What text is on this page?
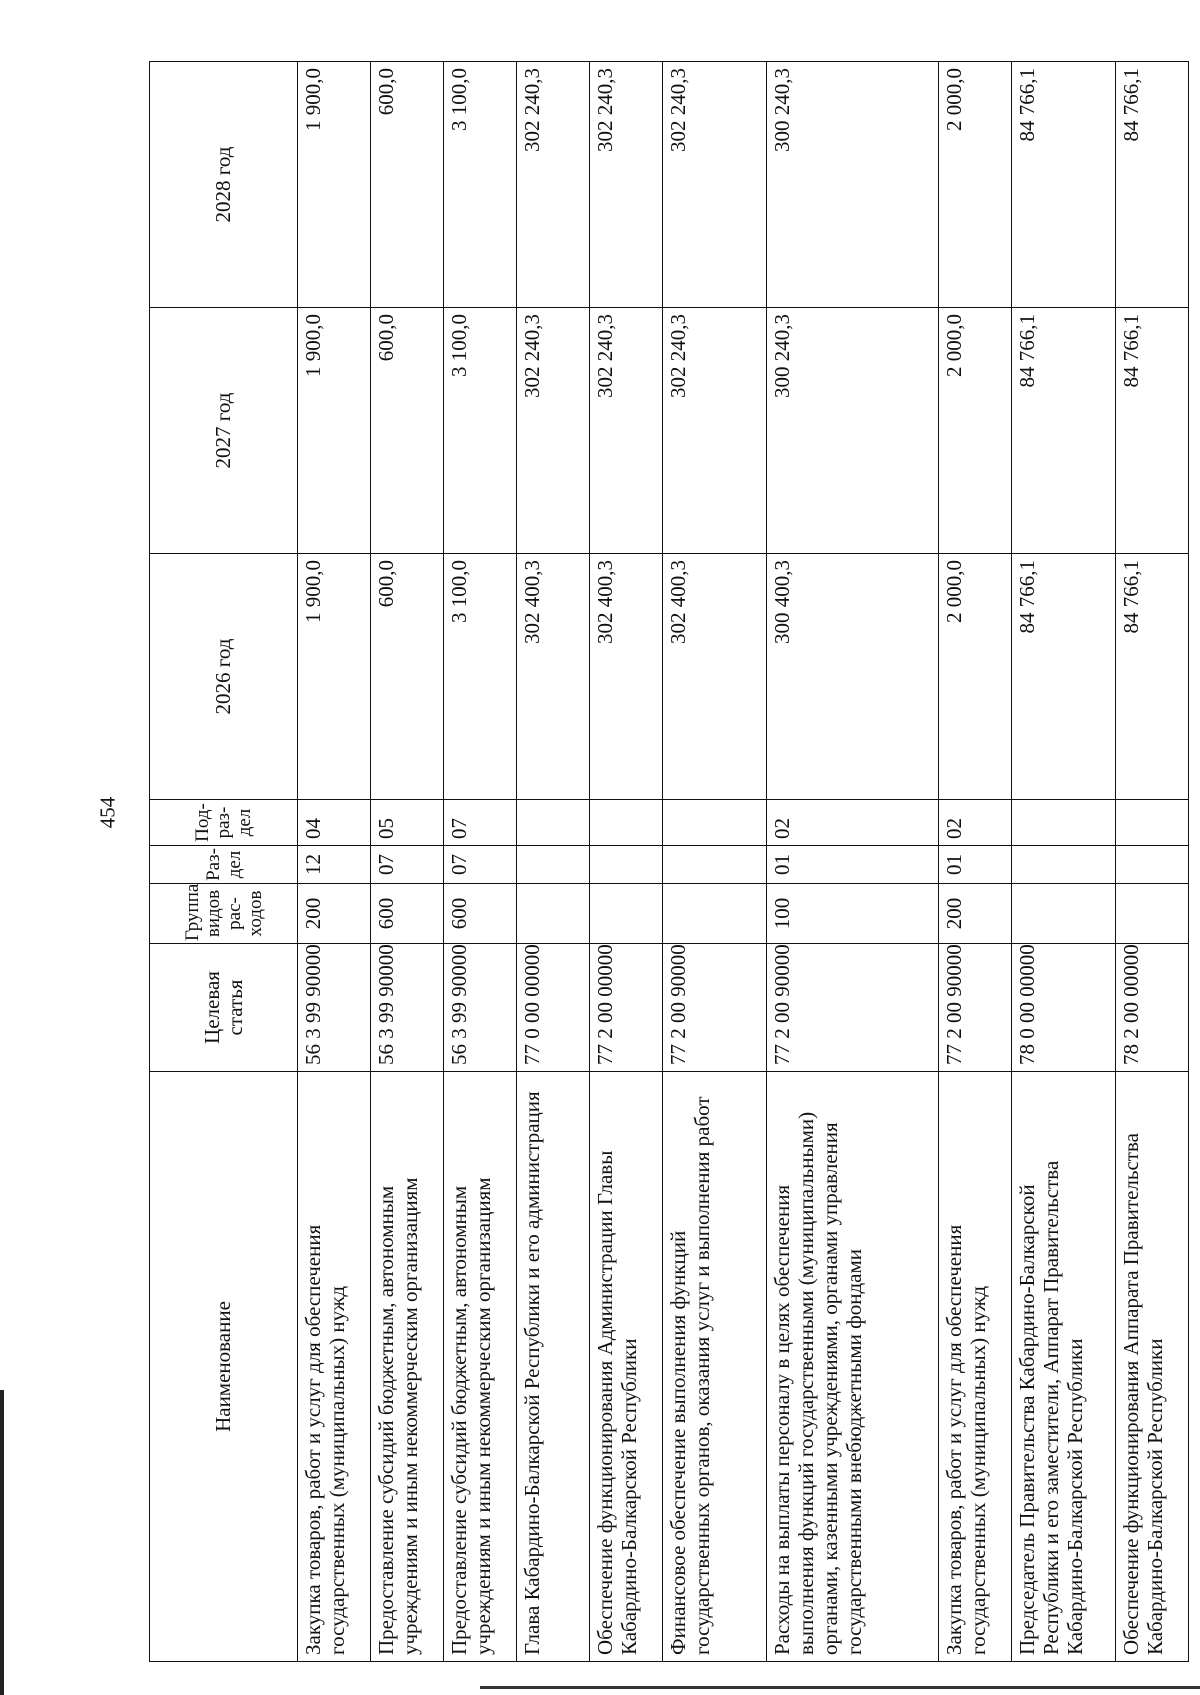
454
Наименование	Целевая статья	Группа видов рас-ходов	Раз-дел	Под-раз-дел	2026 год	2027 год	2028 год
Закупка товаров, работ и услуг для обеспечения государственных (муниципальных) нужд	56 3 99 90000	200	12	04	1 900,0	1 900,0	1 900,0
Предоставление субсидий бюджетным, автономным учреждениям и иным некоммерческим организациям	56 3 99 90000	600	07	05	600,0	600,0	600,0
Предоставление субсидий бюджетным, автономным учреждениям и иным некоммерческим организациям	56 3 99 90000	600	07	07	3 100,0	3 100,0	3 100,0
Глава Кабардино-Балкарской Республики и его администрация	77 0 00 00000				302 400,3	302 240,3	302 240,3
Обеспечение функционирования Администрации Главы Кабардино-Балкарской Республики	77 2 00 00000				302 400,3	302 240,3	302 240,3
Финансовое обеспечение выполнения функций государственных органов, оказания услуг и выполнения работ	77 2 00 90000				302 400,3	302 240,3	302 240,3
Расходы на выплаты персоналу в целях обеспечения выполнения функций государственными (муниципальными) органами, казенными учреждениями, органами управления государственными внебюджетными фондами	77 2 00 90000	100	01	02	300 400,3	300 240,3	300 240,3
Закупка товаров, работ и услуг для обеспечения государственных (муниципальных) нужд	77 2 00 90000	200	01	02	2 000,0	2 000,0	2 000,0
Председатель Правительства Кабардино-Балкарской Республики и его заместители, Аппарат Правительства Кабардино-Балкарской Республики	78 0 00 00000				84 766,1	84 766,1	84 766,1
Обеспечение функционирования Аппарата Правительства Кабардино-Балкарской Республики	78 2 00 00000				84 766,1	84 766,1	84 766,1
